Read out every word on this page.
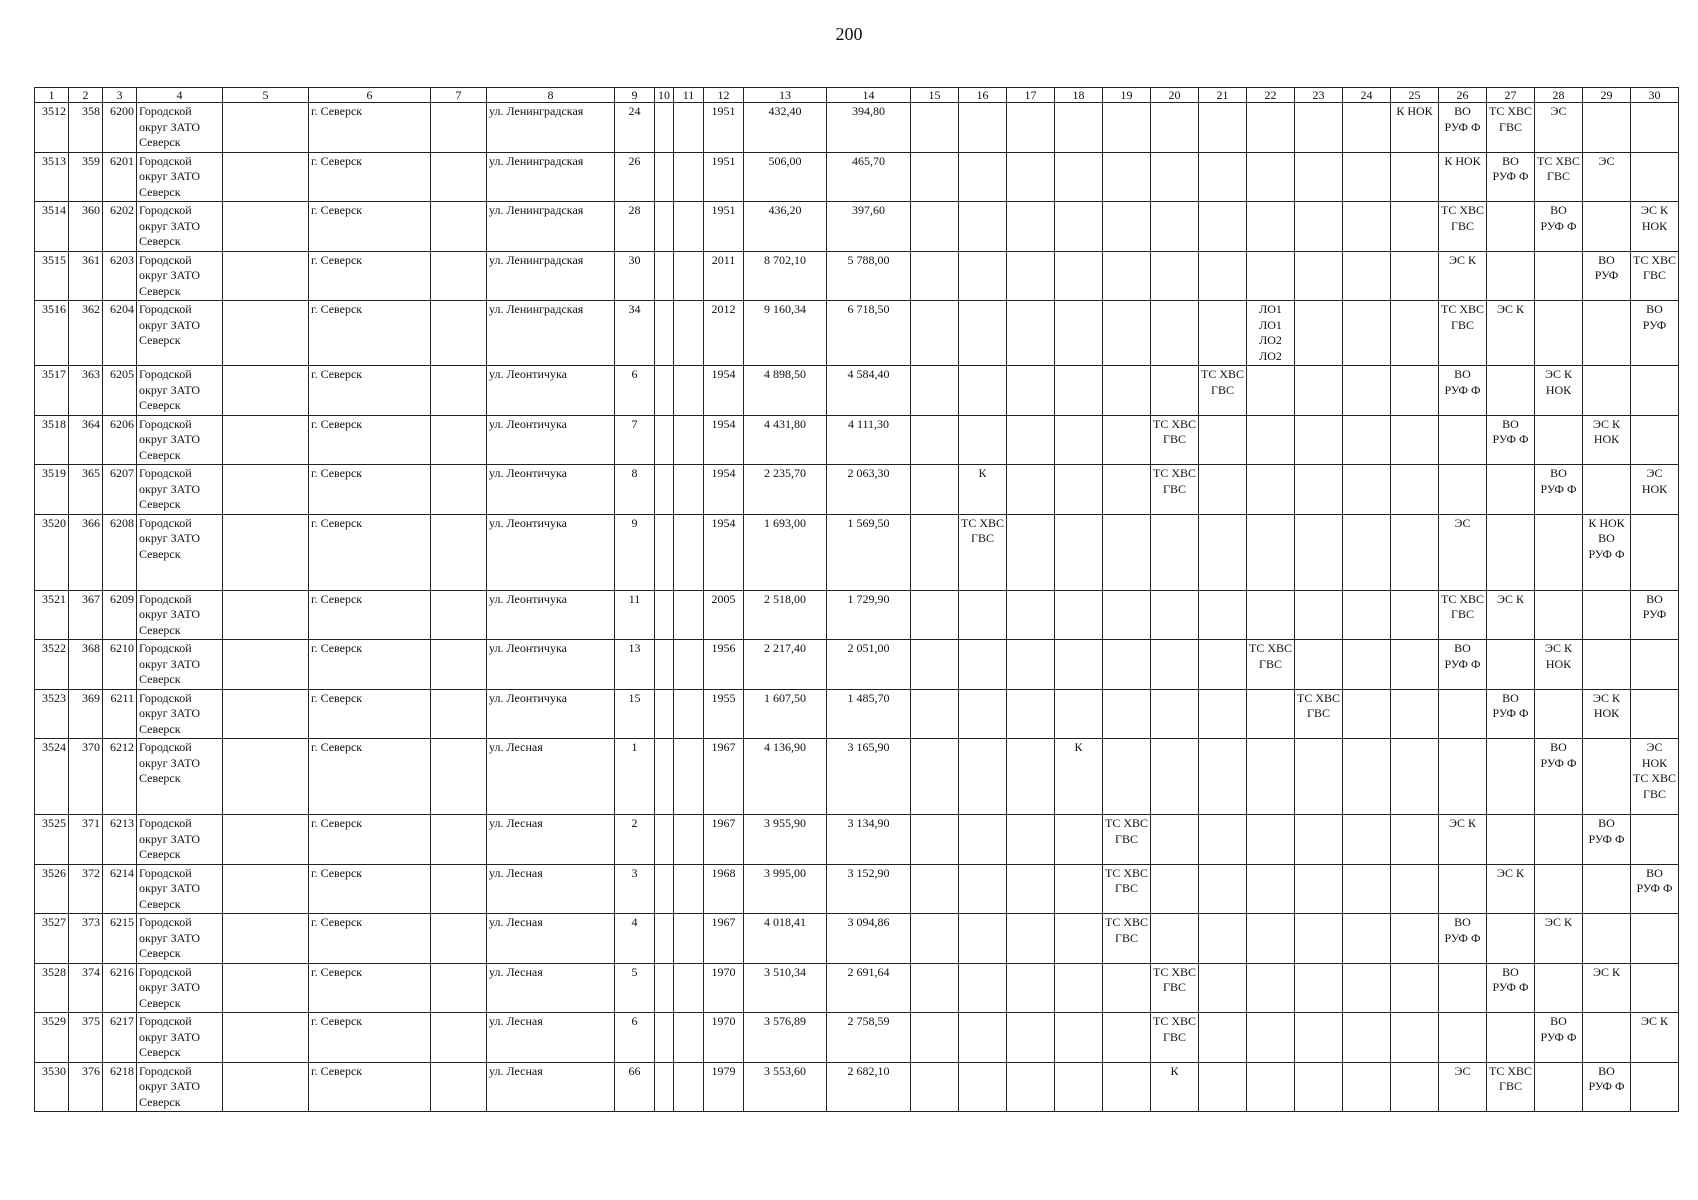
200
1	2	3	4	5	6	7	8	9	10	11	12	13	14	15	16	17	18	19	20	21	22	23	24	25	26	27	28	29	30
3512	358	6200	Городской округ ЗАТО Северск		г. Северск		ул. Ленинградская	24			1951	432,40	394,80											К НОК	ВО РУФ Ф	ТС ХВС ГВС	ЭС		
3513	359	6201	Городской округ ЗАТО Северск		г. Северск		ул. Ленинградская	26			1951	506,00	465,70												К НОК	ВО РУФ Ф	ТС ХВС ГВС	ЭС	
3514	360	6202	Городской округ ЗАТО Северск		г. Северск		ул. Ленинградская	28			1951	436,20	397,60												ТС ХВС ГВС		ВО РУФ Ф		ЭС К НОК
3515	361	6203	Городской округ ЗАТО Северск		г. Северск		ул. Ленинградская	30			2011	8 702,10	5 788,00												ЭС К			ВО РУФ	ТС ХВС ГВС
3516	362	6204	Городской округ ЗАТО Северск		г. Северск		ул. Ленинградская	34			2012	9 160,34	6 718,50								ЛО1 ЛО1 ЛО2 ЛО2				ТС ХВС ГВС	ЭС К			ВО РУФ
3517	363	6205	Городской округ ЗАТО Северск		г. Северск		ул. Леонтичука	6			1954	4 898,50	4 584,40							ТС ХВС ГВС					ВО РУФ Ф		ЭС К НОК		
3518	364	6206	Городской округ ЗАТО Северск		г. Северск		ул. Леонтичука	7			1954	4 431,80	4 111,30						ТС ХВС ГВС							ВО РУФ Ф		ЭС К НОК	
3519	365	6207	Городской округ ЗАТО Северск		г. Северск		ул. Леонтичука	8			1954	2 235,70	2 063,30		К				ТС ХВС ГВС								ВО РУФ Ф		ЭС НОК
3520	366	6208	Городской округ ЗАТО Северск		г. Северск		ул. Леонтичука	9			1954	1 693,00	1 569,50		ТС ХВС ГВС										ЭС			К НОК ВО РУФ Ф	
3521	367	6209	Городской округ ЗАТО Северск		г. Северск		ул. Леонтичука	11			2005	2 518,00	1 729,90												ТС ХВС ГВС	ЭС К			ВО РУФ
3522	368	6210	Городской округ ЗАТО Северск		г. Северск		ул. Леонтичука	13			1956	2 217,40	2 051,00								ТС ХВС ГВС				ВО РУФ Ф		ЭС К НОК		
3523	369	6211	Городской округ ЗАТО Северск		г. Северск		ул. Леонтичука	15			1955	1 607,50	1 485,70									ТС ХВС ГВС				ВО РУФ Ф		ЭС К НОК	
3524	370	6212	Городской округ ЗАТО Северск		г. Северск		ул. Лесная	1			1967	4 136,90	3 165,90				К										ВО РУФ Ф		ЭС НОК ТС ХВС ГВС
3525	371	6213	Городской округ ЗАТО Северск		г. Северск		ул. Лесная	2			1967	3 955,90	3 134,90					ТС ХВС ГВС							ЭС К			ВО РУФ Ф	
3526	372	6214	Городской округ ЗАТО Северск		г. Северск		ул. Лесная	3			1968	3 995,00	3 152,90					ТС ХВС ГВС								ЭС К			ВО РУФ Ф
3527	373	6215	Городской округ ЗАТО Северск		г. Северск		ул. Лесная	4			1967	4 018,41	3 094,86					ТС ХВС ГВС							ВО РУФ Ф		ЭС К		
3528	374	6216	Городской округ ЗАТО Северск		г. Северск		ул. Лесная	5			1970	3 510,34	2 691,64						ТС ХВС ГВС							ВО РУФ Ф		ЭС К	
3529	375	6217	Городской округ ЗАТО Северск		г. Северск		ул. Лесная	6			1970	3 576,89	2 758,59						ТС ХВС ГВС								ВО РУФ Ф		ЭС К
3530	376	6218	Городской округ ЗАТО Северск		г. Северск		ул. Лесная	66			1979	3 553,60	2 682,10						К						ЭС	ТС ХВС ГВС		ВО РУФ Ф	
